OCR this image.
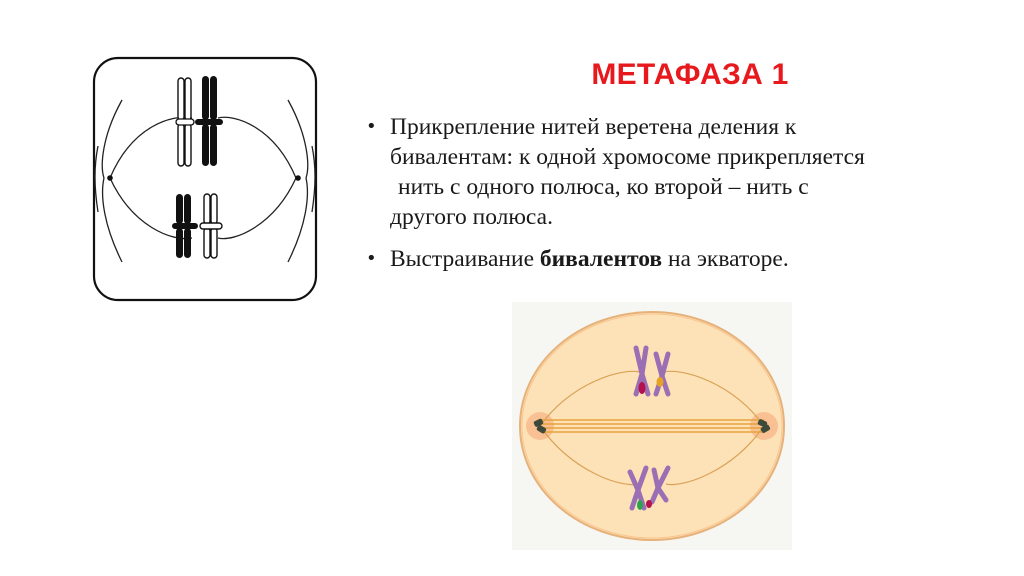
МЕТАФАЗА 1
• Прикрепление нитей веретена деления к
бивалентам: к одной хромосоме прикрепляется
нить с одного полюса, ко второй – нить с
другого полюса.
• Выстраивание бивалентов на экваторе.
